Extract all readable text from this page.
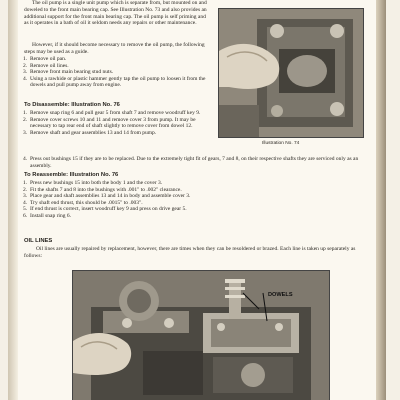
The oil pump is a single unit pump which is separate from, but mounted on and doweled to the front main bearing cap. See Illustration No. 73 and also provides an additional support for the front main bearing cap. The oil pump is self priming and as it operates in a bath of oil it seldom needs any repairs or other maintenance.
However, if it should become necessary to remove the oil pump, the following steps may be used as a guide.
1. Remove oil pan.
2. Remove oil lines.
3. Remove front main bearing stud nuts.
4. Using a rawhide or plastic hammer gently tap the oil pump to loosen it from the dowels and pull pump away from engine.
Illustration No. 74
To Disassemble: Illustration No. 76
1. Remove snap ring 6 and pull gear 5 from shaft 7 and remove woodruff key 9.
2. Remove cover screws 10 and 11 and remove cover 3 from pump. It may be necessary to tap rear end of shaft slightly to remove cover from dowel 12.
3. Remove shaft and gear assemblies 13 and 14 from pump.
4. Press out bushings 15 if they are to be replaced. Due to the extremely tight fit of gears, 7 and 8, on their respective shafts they are serviced only as an assembly.
To Reassemble: Illustration No. 76
1. Press new bushings 15 into both the body 1 and the cover 3.
2. Fit the shafts 7 and 8 into the bushings with .001" to .002" clearance.
3. Place gear and shaft assemblies 13 and 14 in body and assemble cover 3.
4. Try shaft end thrust, this should be .0015" to .003".
5. If end thrust is correct, insert woodruff key 9 and press on drive gear 5.
6. Install snap ring 6.
OIL LINES
Oil lines are usually repaired by replacement, however, there are times when they can be resoldered or brazed. Each line is taken up separately as follows:
DOWELS
